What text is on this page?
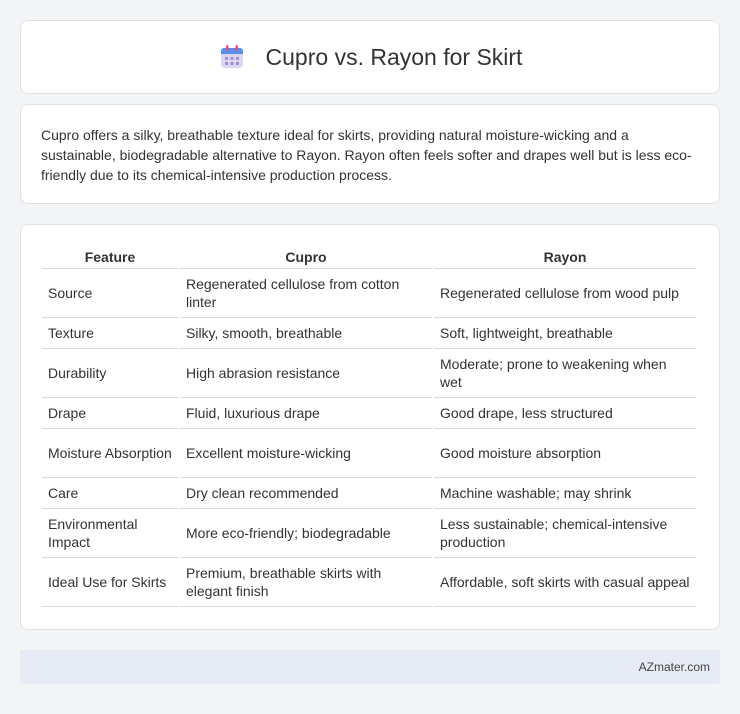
Cupro vs. Rayon for Skirt

Cupro offers a silky, breathable texture ideal for skirts, providing natural moisture-wicking and a sustainable, biodegradable alternative to Rayon. Rayon often feels softer and drapes well but is less eco-friendly due to its chemical-intensive production process.

Feature	Cupro	Rayon
Source	Regenerated cellulose from cotton linter	Regenerated cellulose from wood pulp
Texture	Silky, smooth, breathable	Soft, lightweight, breathable
Durability	High abrasion resistance	Moderate; prone to weakening when wet
Drape	Fluid, luxurious drape	Good drape, less structured
Moisture Absorption	Excellent moisture-wicking	Good moisture absorption
Care	Dry clean recommended	Machine washable; may shrink
Environmental Impact	More eco-friendly; biodegradable	Less sustainable; chemical-intensive production
Ideal Use for Skirts	Premium, breathable skirts with elegant finish	Affordable, soft skirts with casual appeal
AZmater.com
